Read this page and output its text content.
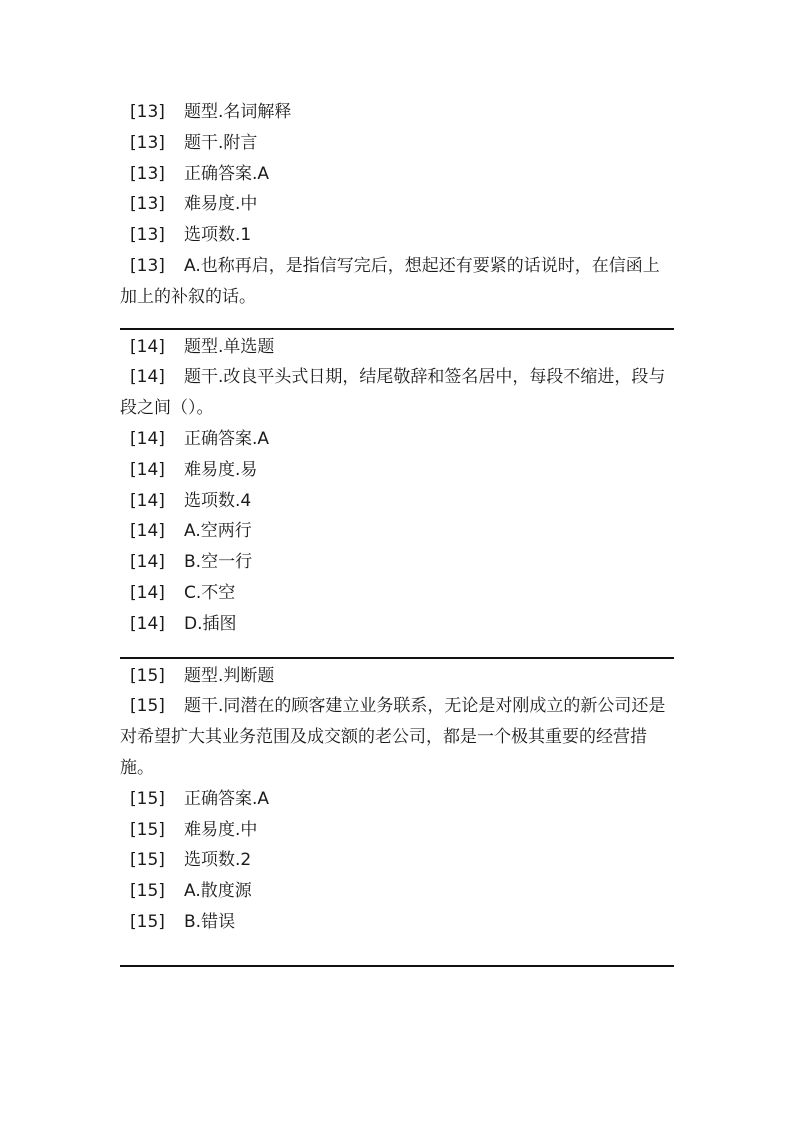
[13] 题型.名词解释
[13] 题干.附言
[13] 正确答案.A
[13] 难易度.中
[13] 选项数.1
[13] A.也称再启，是指信写完后，想起还有要紧的话说时，在信函上加上的补叙的话。
[14] 题型.单选题
[14] 题干.改良平头式日期，结尾敬辞和签名居中，每段不缩进，段与段之间（）。
[14] 正确答案.A
[14] 难易度.易
[14] 选项数.4
[14] A.空两行
[14] B.空一行
[14] C.不空
[14] D.插图
[15] 题型.判断题
[15] 题干.同潜在的顾客建立业务联系，无论是对刚成立的新公司还是对希望扩大其业务范围及成交额的老公司，都是一个极其重要的经营措施。
[15] 正确答案.A
[15] 难易度.中
[15] 选项数.2
[15] A.散度源
[15] B.错误
